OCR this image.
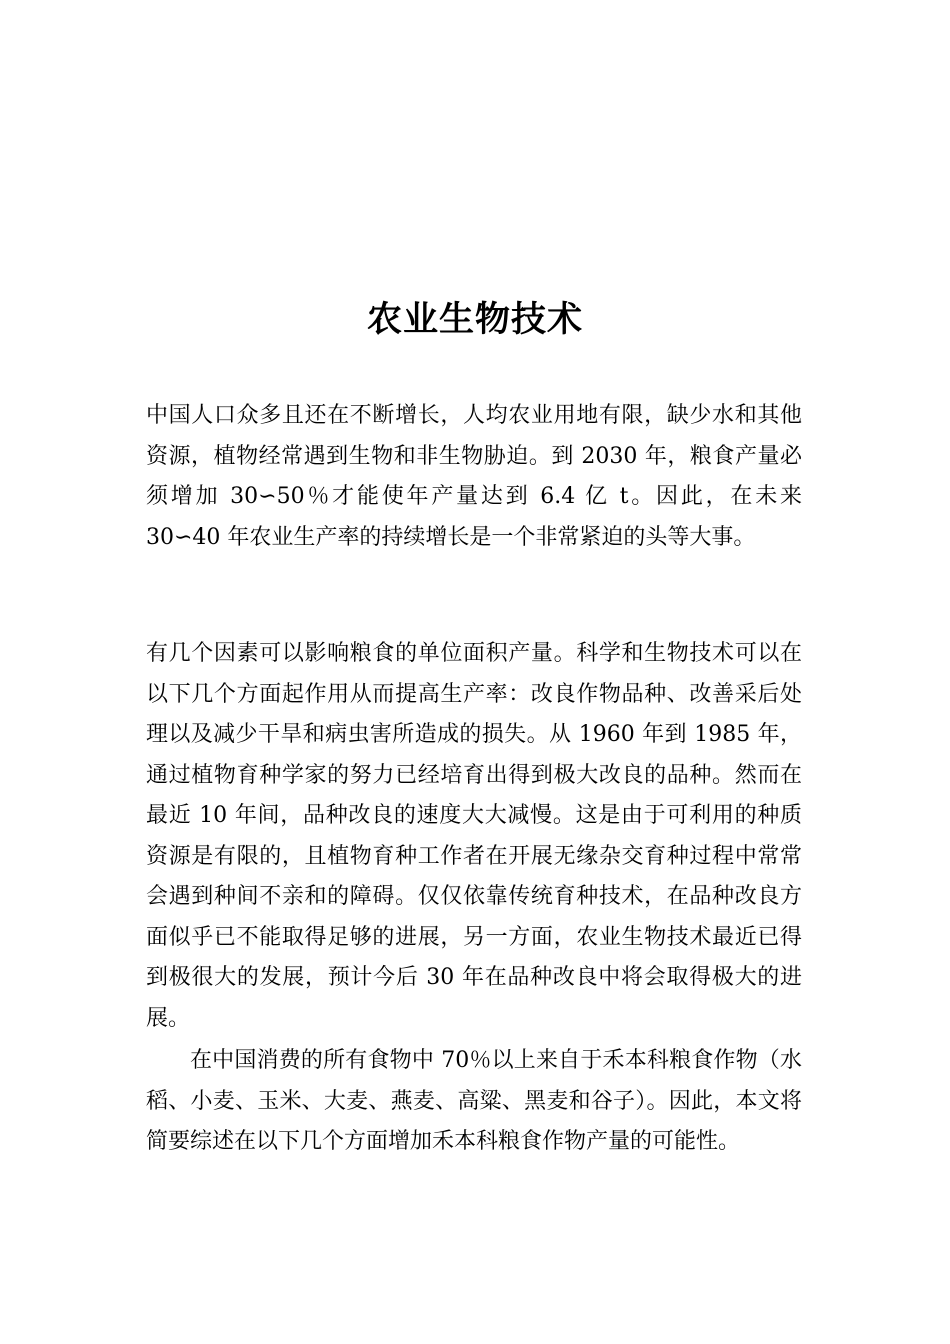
农业生物技术

中国人口众多且还在不断增长，人均农业用地有限，缺少水和其他资源，植物经常遇到生物和非生物胁迫。到 2030 年，粮食产量必须增加 30∽50％才能使年产量达到 6.4 亿 t。因此，在未来 30∽40 年农业生产率的持续增长是一个非常紧迫的头等大事。

有几个因素可以影响粮食的单位面积产量。科学和生物技术可以在以下几个方面起作用从而提高生产率：改良作物品种、改善采后处理以及减少干旱和病虫害所造成的损失。从 1960 年到 1985 年，通过植物育种学家的努力已经培育出得到极大改良的品种。然而在最近 10 年间，品种改良的速度大大减慢。这是由于可利用的种质资源是有限的，且植物育种工作者在开展无缘杂交育种过程中常常会遇到种间不亲和的障碍。仅仅依靠传统育种技术，在品种改良方面似乎已不能取得足够的进展，另一方面，农业生物技术最近已得到极很大的发展，预计今后 30 年在品种改良中将会取得极大的进展。

在中国消费的所有食物中 70％以上来自于禾本科粮食作物（水稻、小麦、玉米、大麦、燕麦、高粱、黑麦和谷子）。因此，本文将简要综述在以下几个方面增加禾本科粮食作物产量的可能性。
